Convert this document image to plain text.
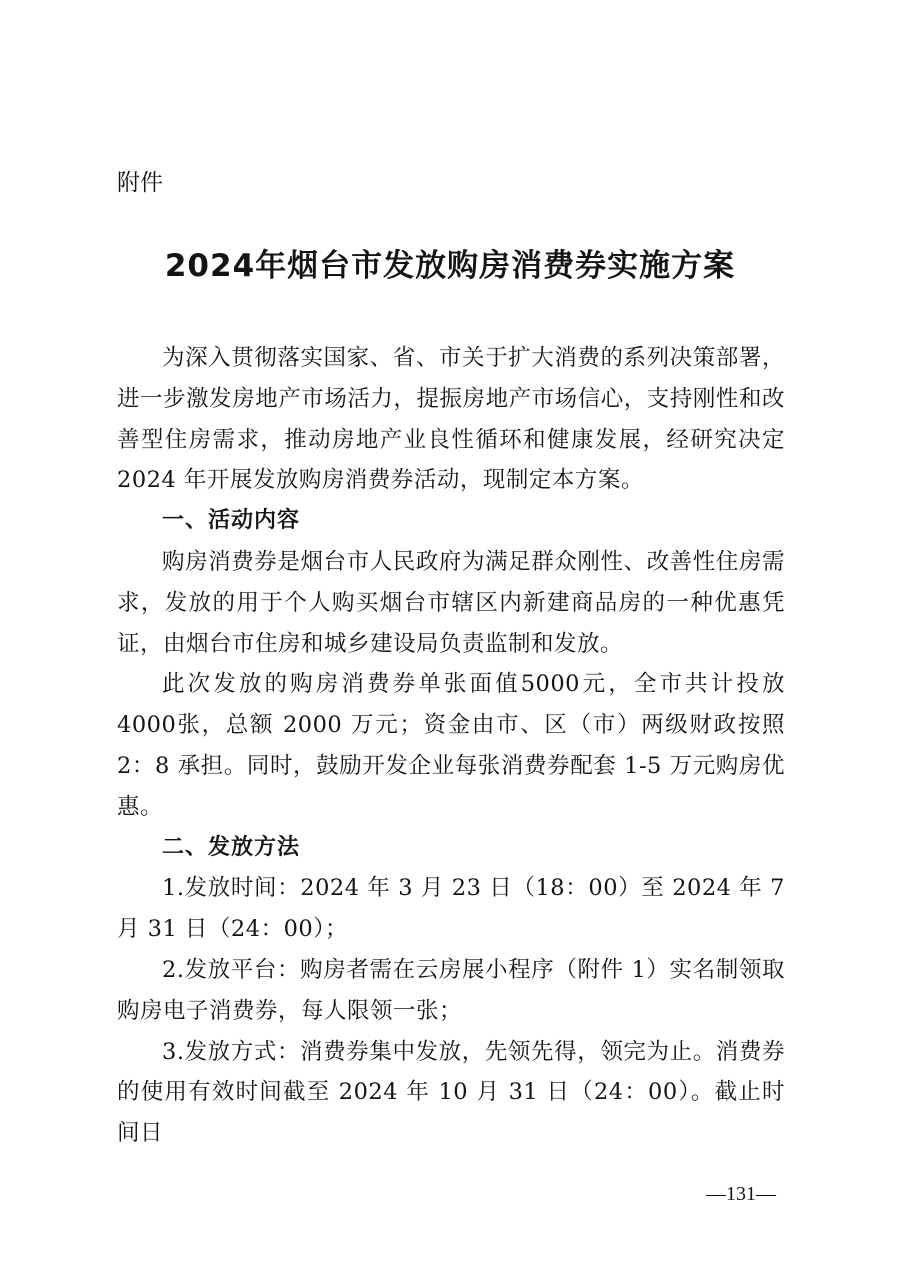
附件
2024年烟台市发放购房消费券实施方案

为深入贯彻落实国家、省、市关于扩大消费的系列决策部署，进一步激发房地产市场活力，提振房地产市场信心，支持刚性和改善型住房需求，推动房地产业良性循环和健康发展，经研究决定 2024 年开展发放购房消费券活动，现制定本方案。

一、活动内容

购房消费券是烟台市人民政府为满足群众刚性、改善性住房需求，发放的用于个人购买烟台市辖区内新建商品房的一种优惠凭证，由烟台市住房和城乡建设局负责监制和发放。

此次发放的购房消费券单张面值5000元，全市共计投放4000张，总额 2000 万元；资金由市、区（市）两级财政按照 2：8 承担。同时，鼓励开发企业每张消费券配套 1-5 万元购房优惠。

二、发放方法

1.发放时间：2024 年 3 月 23 日（18：00）至 2024 年 7 月 31 日（24：00）；

2.发放平台：购房者需在云房展小程序（附件 1）实名制领取购房电子消费券，每人限领一张；

3.发放方式：消费券集中发放，先领先得，领完为止。消费券的使用有效时间截至 2024 年 10 月 31 日（24：00）。截止时间日

—131—
